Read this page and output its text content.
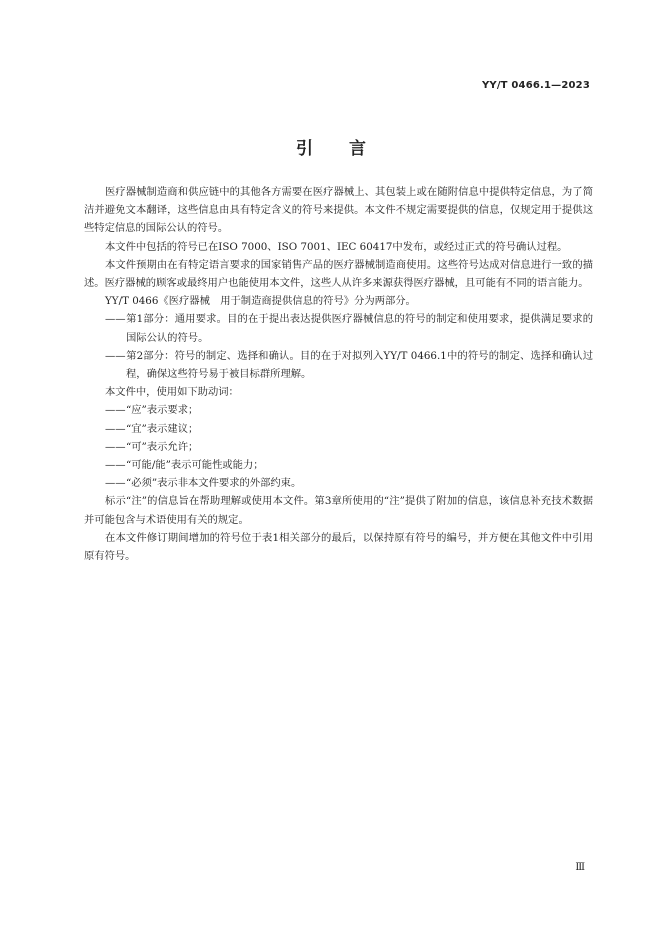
YY/T 0466.1—2023
引言

医疗器械制造商和供应链中的其他各方需要在医疗器械上、其包装上或在随附信息中提供特定信息，为了简洁并避免文本翻译，这些信息由具有特定含义的符号来提供。本文件不规定需要提供的信息，仅规定用于提供这些特定信息的国际公认的符号。

本文件中包括的符号已在ISO 7000、ISO 7001、IEC 60417中发布，或经过正式的符号确认过程。

本文件预期由在有特定语言要求的国家销售产品的医疗器械制造商使用。这些符号达成对信息进行一致的描述。医疗器械的顾客或最终用户也能使用本文件，这些人从许多来源获得医疗器械，且可能有不同的语言能力。

YY/T 0466《医疗器械　用于制造商提供信息的符号》分为两部分。

——第1部分：通用要求。目的在于提出表达提供医疗器械信息的符号的制定和使用要求，提供满足要求的国际公认的符号。

——第2部分：符号的制定、选择和确认。目的在于对拟列入YY/T 0466.1中的符号的制定、选择和确认过程，确保这些符号易于被目标群所理解。

本文件中，使用如下助动词：

——“应”表示要求；

——“宜”表示建议；

——“可”表示允许；

——“可能/能”表示可能性或能力；

——“必须”表示非本文件要求的外部约束。

标示“注”的信息旨在帮助理解或使用本文件。第3章所使用的“注”提供了附加的信息，该信息补充技术数据并可能包含与术语使用有关的规定。

在本文件修订期间增加的符号位于表1相关部分的最后，以保持原有符号的编号，并方便在其他文件中引用原有符号。

Ⅲ
